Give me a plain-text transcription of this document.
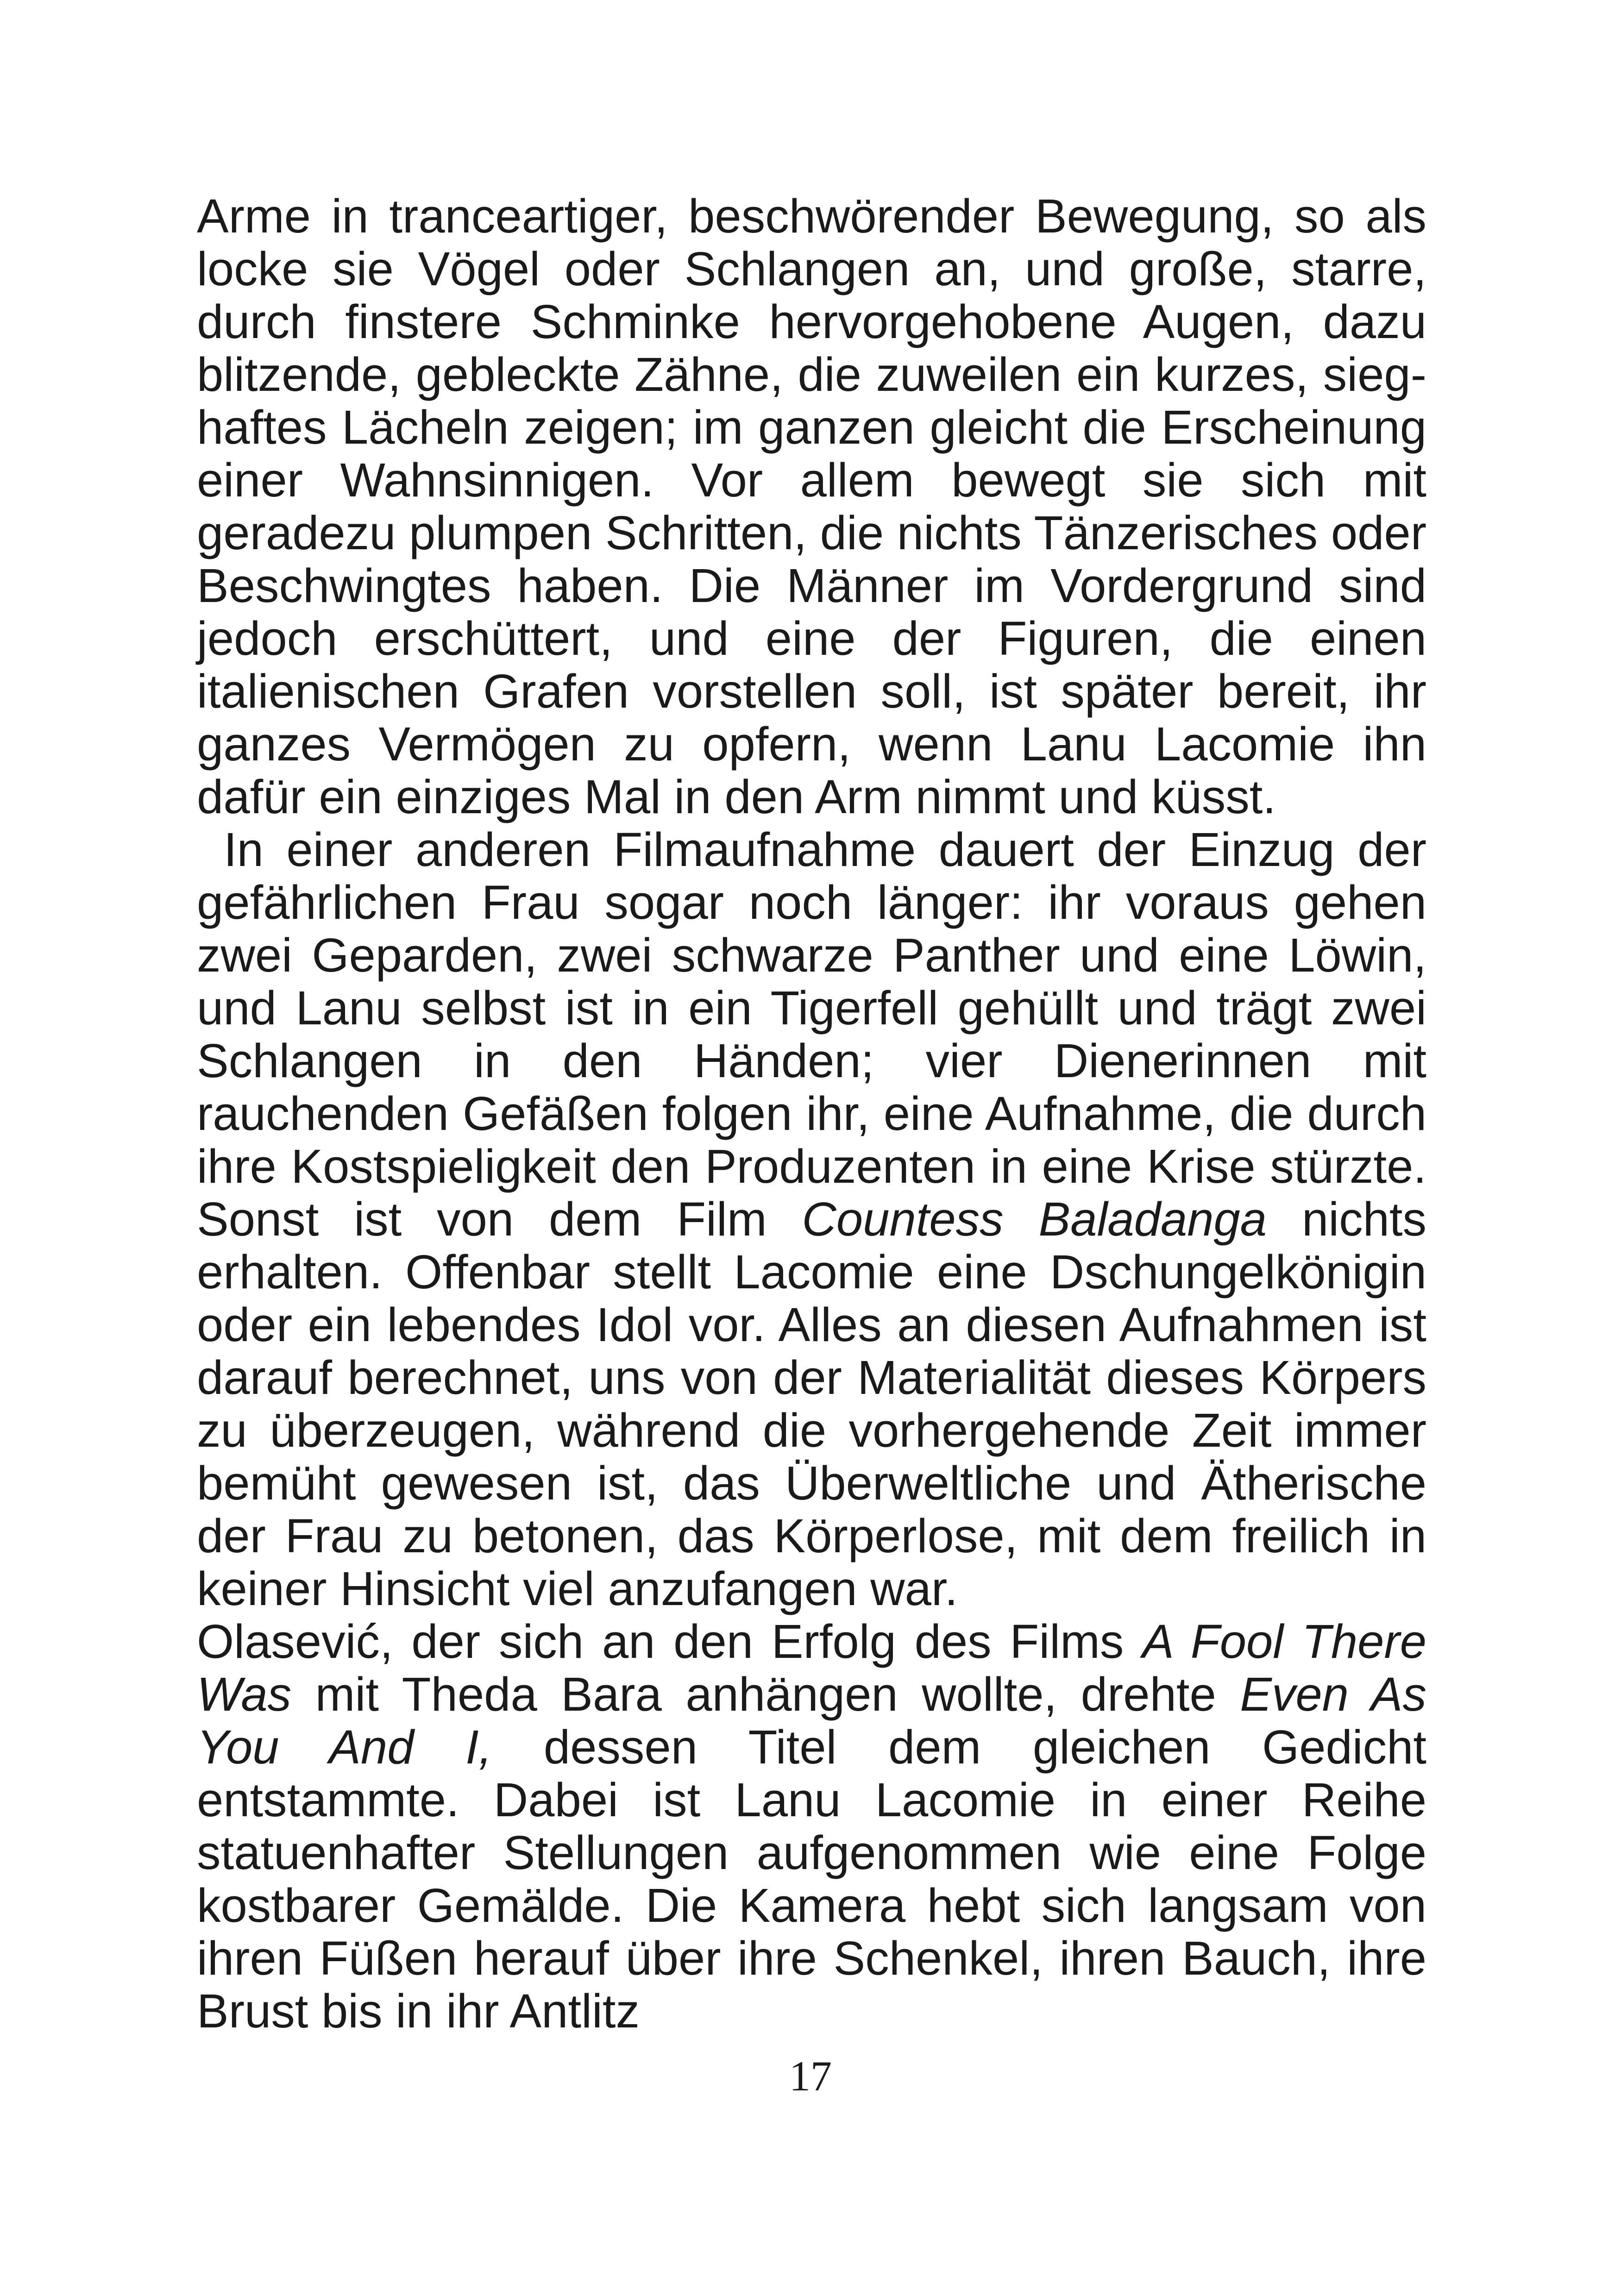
Arme in tranceartiger, beschwörender Bewegung, so als locke sie Vögel oder Schlangen an, und große, starre, durch finstere Schminke hervorgehobene Augen, dazu blitzende, gebleckte Zähne, die zuweilen ein kurzes, sieghaftes Lächeln zeigen; im ganzen gleicht die Erscheinung einer Wahnsinnigen. Vor allem bewegt sie sich mit geradezu plumpen Schritten, die nichts Tänzerisches oder Beschwingtes haben. Die Männer im Vordergrund sind jedoch erschüttert, und eine der Figuren, die einen italienischen Grafen vorstellen soll, ist später bereit, ihr ganzes Vermögen zu opfern, wenn Lanu Lacomie ihn dafür ein einziges Mal in den Arm nimmt und küsst.

In einer anderen Filmaufnahme dauert der Einzug der gefährlichen Frau sogar noch länger: ihr voraus gehen zwei Geparden, zwei schwarze Panther und eine Löwin, und Lanu selbst ist in ein Tigerfell gehüllt und trägt zwei Schlangen in den Händen; vier Dienerinnen mit rauchenden Gefäßen folgen ihr, eine Aufnahme, die durch ihre Kostspieligkeit den Produzenten in eine Krise stürzte. Sonst ist von dem Film Countess Baladanga nichts erhalten. Offenbar stellt Lacomie eine Dschungelkönigin oder ein lebendes Idol vor. Alles an diesen Aufnahmen ist darauf berechnet, uns von der Materialität dieses Körpers zu überzeugen, während die vorhergehende Zeit immer bemüht gewesen ist, das Überweltliche und Ätherische der Frau zu betonen, das Körperlose, mit dem freilich in keiner Hinsicht viel anzufangen war.

Olasević, der sich an den Erfolg des Films A Fool There Was mit Theda Bara anhängen wollte, drehte Even As You And I, dessen Titel dem gleichen Gedicht entstammte. Dabei ist Lanu Lacomie in einer Reihe statuenhafter Stellungen aufgenommen wie eine Folge kostbarer Gemälde. Die Kamera hebt sich langsam von ihren Füßen herauf über ihre Schenkel, ihren Bauch, ihre Brust bis in ihr Antlitz

17
